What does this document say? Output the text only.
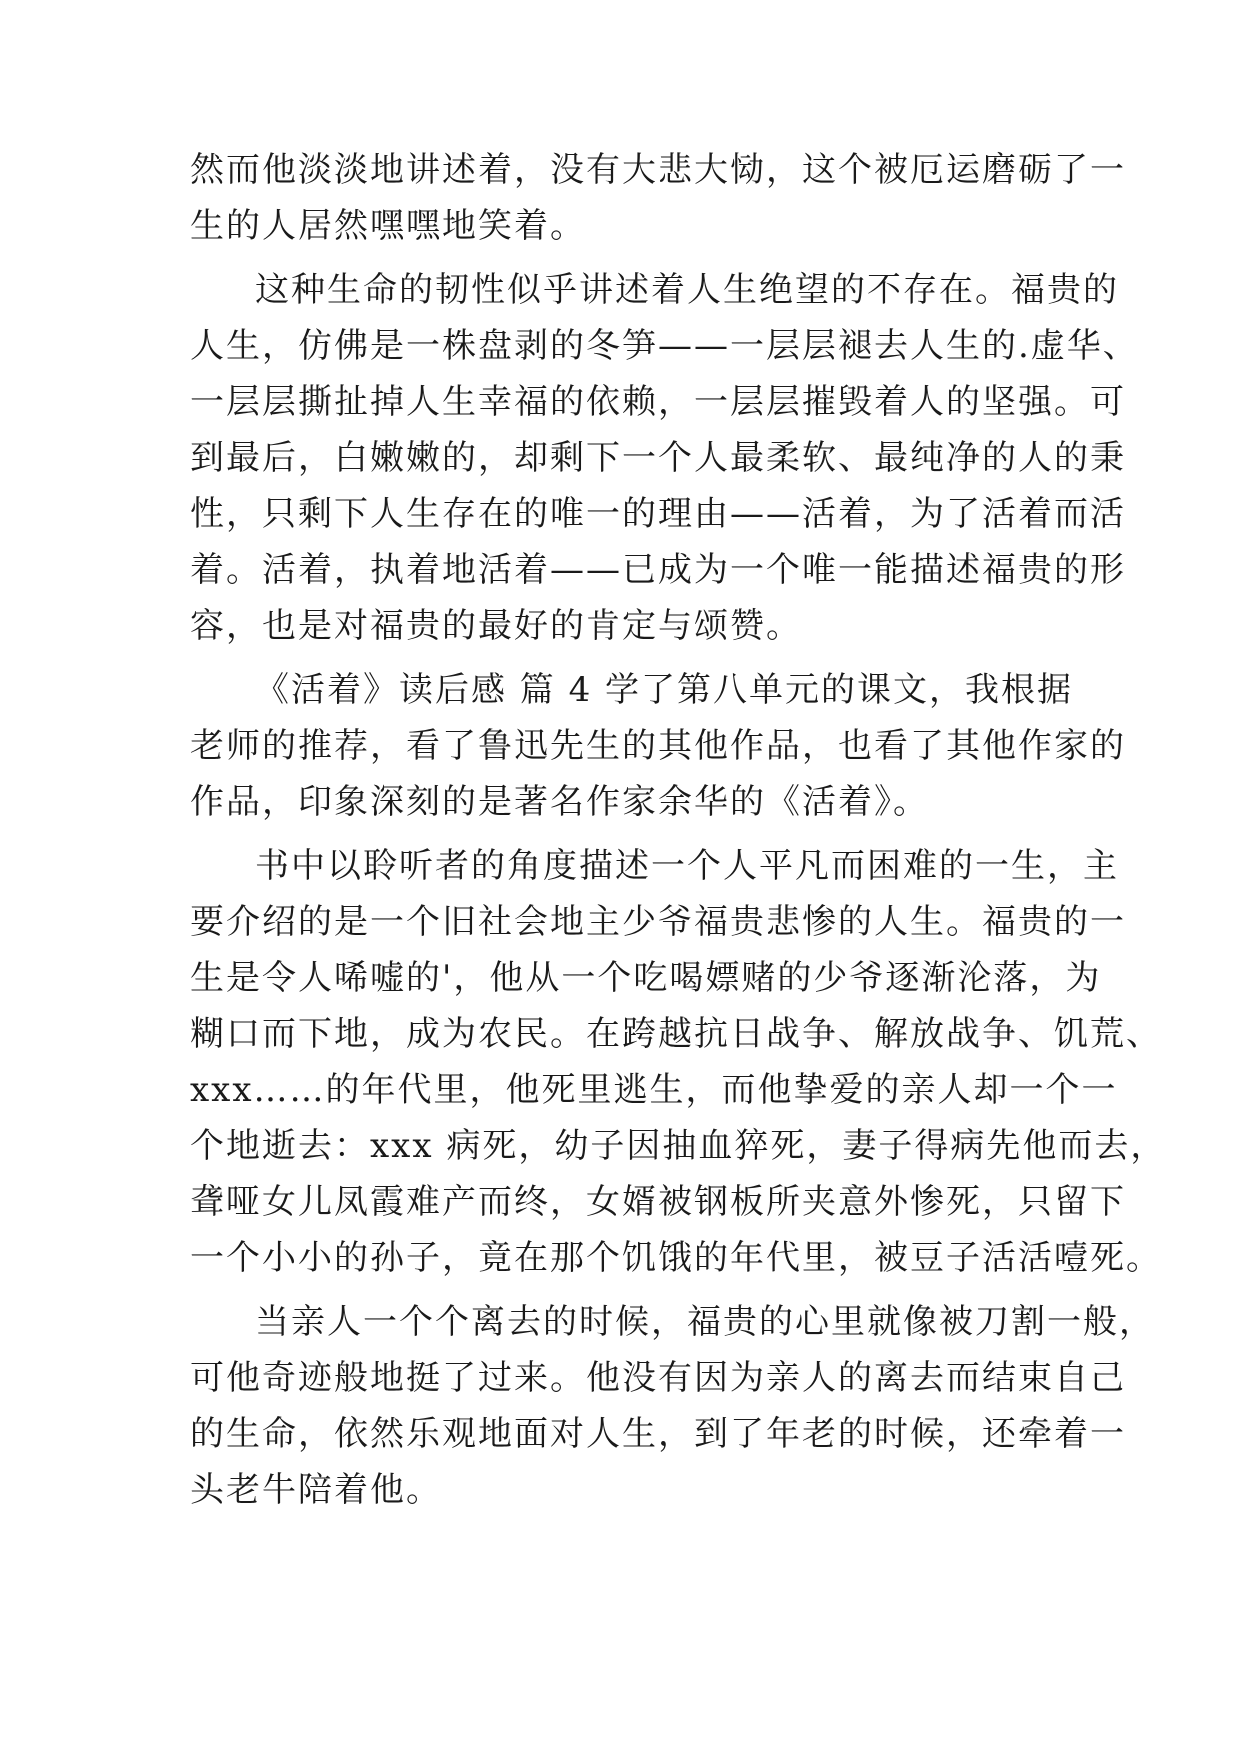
然而他淡淡地讲述着，没有大悲大恸，这个被厄运磨砺了一
生的人居然嘿嘿地笑着。
这种生命的韧性似乎讲述着人生绝望的不存在。福贵的
人生，仿佛是一株盘剥的冬笋——一层层褪去人生的.虚华、
一层层撕扯掉人生幸福的依赖，一层层摧毁着人的坚强。可
到最后，白嫩嫩的，却剩下一个人最柔软、最纯净的人的秉
性，只剩下人生存在的唯一的理由——活着，为了活着而活
着。活着，执着地活着——已成为一个唯一能描述福贵的形
容，也是对福贵的最好的肯定与颂赞。
《活着》读后感 篇 4 学了第八单元的课文，我根据
老师的推荐，看了鲁迅先生的其他作品，也看了其他作家的
作品，印象深刻的是著名作家余华的《活着》。
书中以聆听者的角度描述一个人平凡而困难的一生，主
要介绍的是一个旧社会地主少爷福贵悲惨的人生。福贵的一
生是令人唏嘘的'，他从一个吃喝嫖赌的少爷逐渐沦落，为
糊口而下地，成为农民。在跨越抗日战争、解放战争、饥荒、
xxx……的年代里，他死里逃生，而他挚爱的亲人却一个一
个地逝去：xxx 病死，幼子因抽血猝死，妻子得病先他而去，
聋哑女儿凤霞难产而终，女婿被钢板所夹意外惨死，只留下
一个小小的孙子，竟在那个饥饿的年代里，被豆子活活噎死。
当亲人一个个离去的时候，福贵的心里就像被刀割一般，
可他奇迹般地挺了过来。他没有因为亲人的离去而结束自己
的生命，依然乐观地面对人生，到了年老的时候，还牵着一
头老牛陪着他。
